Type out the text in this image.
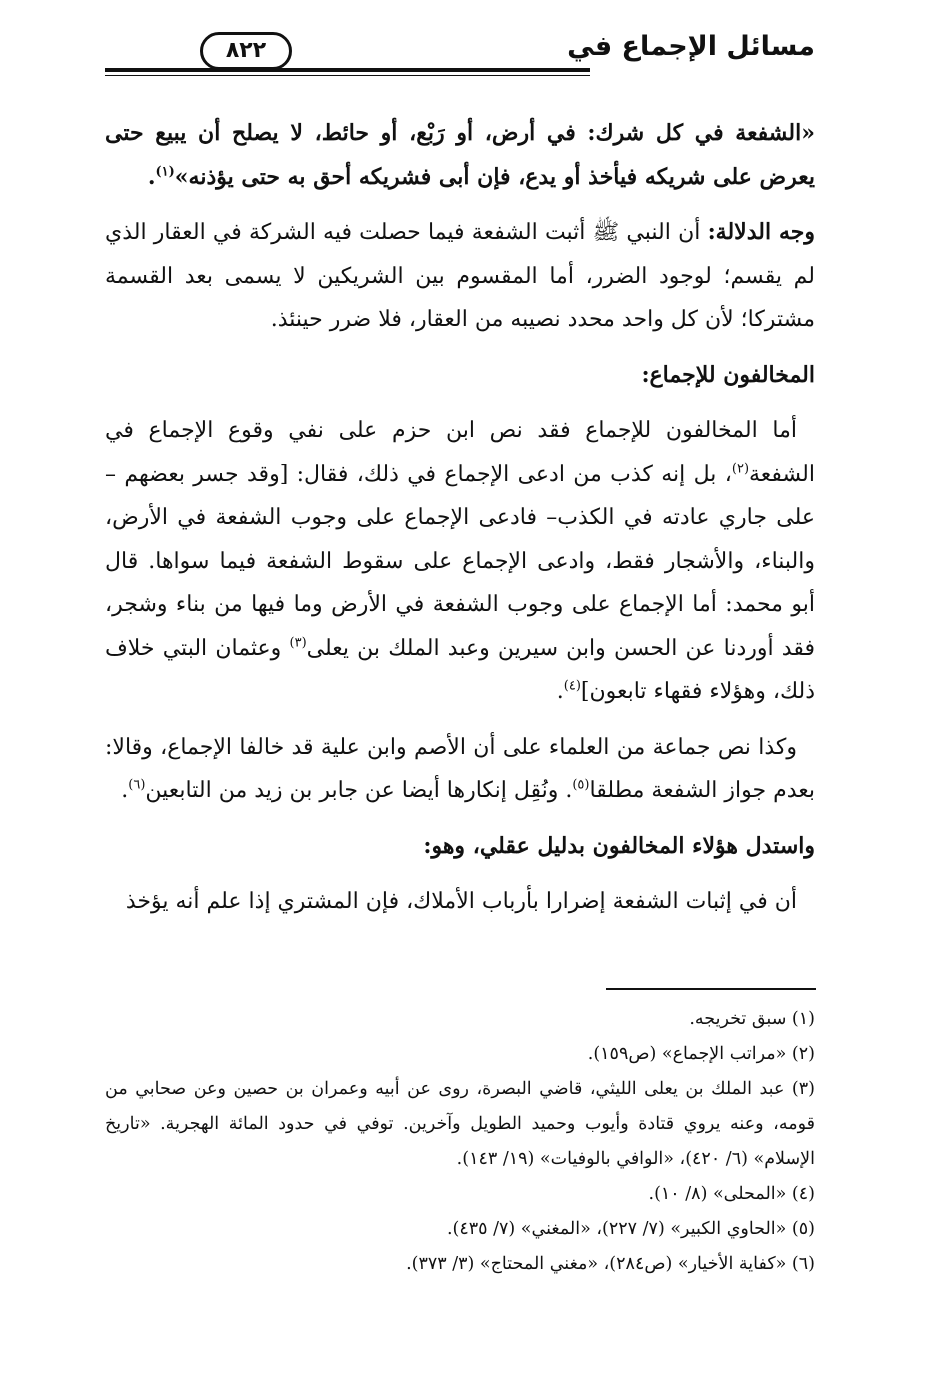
مسائل الإجماع في
٨٢٢

«الشفعة في كل شرك: في أرض، أو رَبْع، أو حائط، لا يصلح أن يبيع حتى يعرض على شريكه فيأخذ أو يدع، فإن أبى فشريكه أحق به حتى يؤذنه»$^{(١)}$.

وجه الدلالة: أن النبي ﷺ أثبت الشفعة فيما حصلت فيه الشركة في العقار الذي لم يقسم؛ لوجود الضرر، أما المقسوم بين الشريكين لا يسمى بعد القسمة مشتركا؛ لأن كل واحد محدد نصيبه من العقار، فلا ضرر حينئذ.

المخالفون للإجماع:

أما المخالفون للإجماع فقد نص ابن حزم على نفي وقوع الإجماع في الشفعة$^{(٢)}$، بل إنه كذب من ادعى الإجماع في ذلك، فقال: [وقد جسر بعضهم – على جاري عادته في الكذب– فادعى الإجماع على وجوب الشفعة في الأرض، والبناء، والأشجار فقط، وادعى الإجماع على سقوط الشفعة فيما سواها. قال أبو محمد: أما الإجماع على وجوب الشفعة في الأرض وما فيها من بناء وشجر، فقد أوردنا عن الحسن وابن سيرين وعبد الملك بن يعلى$^{(٣)}$ وعثمان البتي خلاف ذلك، وهؤلاء فقهاء تابعون]$^{(٤)}$.

وكذا نص جماعة من العلماء على أن الأصم وابن علية قد خالفا الإجماع، وقالا: بعدم جواز الشفعة مطلقا$^{(٥)}$. ونُقِل إنكارها أيضا عن جابر بن زيد من التابعين$^{(٦)}$.

واستدل هؤلاء المخالفون بدليل عقلي، وهو:

أن في إثبات الشفعة إضرارا بأرباب الأملاك، فإن المشتري إذا علم أنه يؤخذ

(١) سبق تخريجه.
(٢) «مراتب الإجماع» (ص١٥٩).
(٣) عبد الملك بن يعلى الليثي، قاضي البصرة، روى عن أبيه وعمران بن حصين وعن صحابي من قومه، وعنه يروي قتادة وأيوب وحميد الطويل وآخرين. توفي في حدود المائة الهجرية. «تاريخ الإسلام» (٦/ ٤٢٠)، «الوافي بالوفيات» (١٩/ ١٤٣).
(٤) «المحلى» (٨/ ١٠).
(٥) «الحاوي الكبير» (٧/ ٢٢٧)، «المغني» (٧/ ٤٣٥).
(٦) «كفاية الأخيار» (ص٢٨٤)، «مغني المحتاج» (٣/ ٣٧٣).
